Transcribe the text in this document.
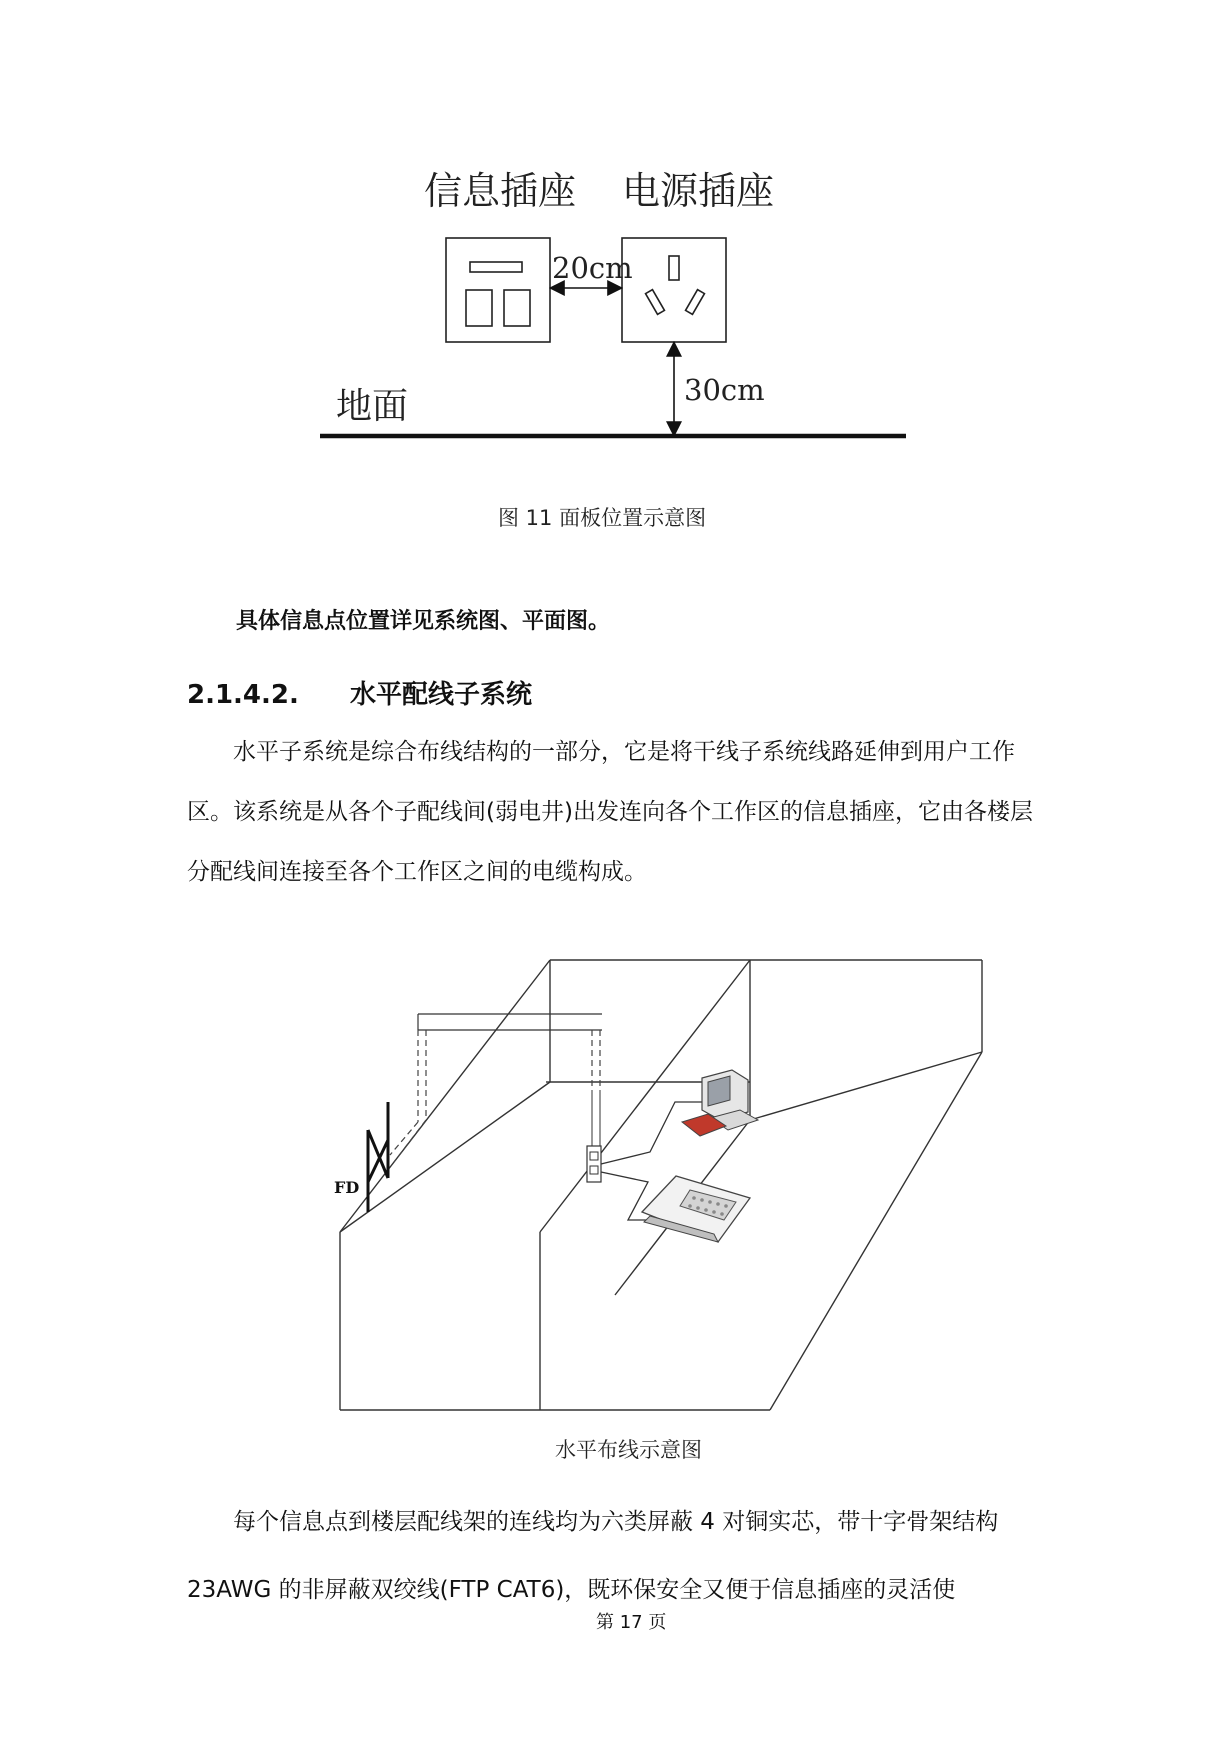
信息插座 电源插座
20cm
30cm
地面
图 11 面板位置示意图
具体信息点位置详见系统图、平面图。
2.1.4.2. 水平配线子系统
水平子系统是综合布线结构的一部分，它是将干线子系统线路延伸到用户工作区。该系统是从各个子配线间(弱电井)出发连向各个工作区的信息插座，它由各楼层分配线间连接至各个工作区之间的电缆构成。
FD
水平布线示意图
每个信息点到楼层配线架的连线均为六类屏蔽 4 对铜实芯，带十字骨架结构 23AWG 的非屏蔽双绞线(FTP CAT6)，既环保安全又便于信息插座的灵活使
第 17 页
